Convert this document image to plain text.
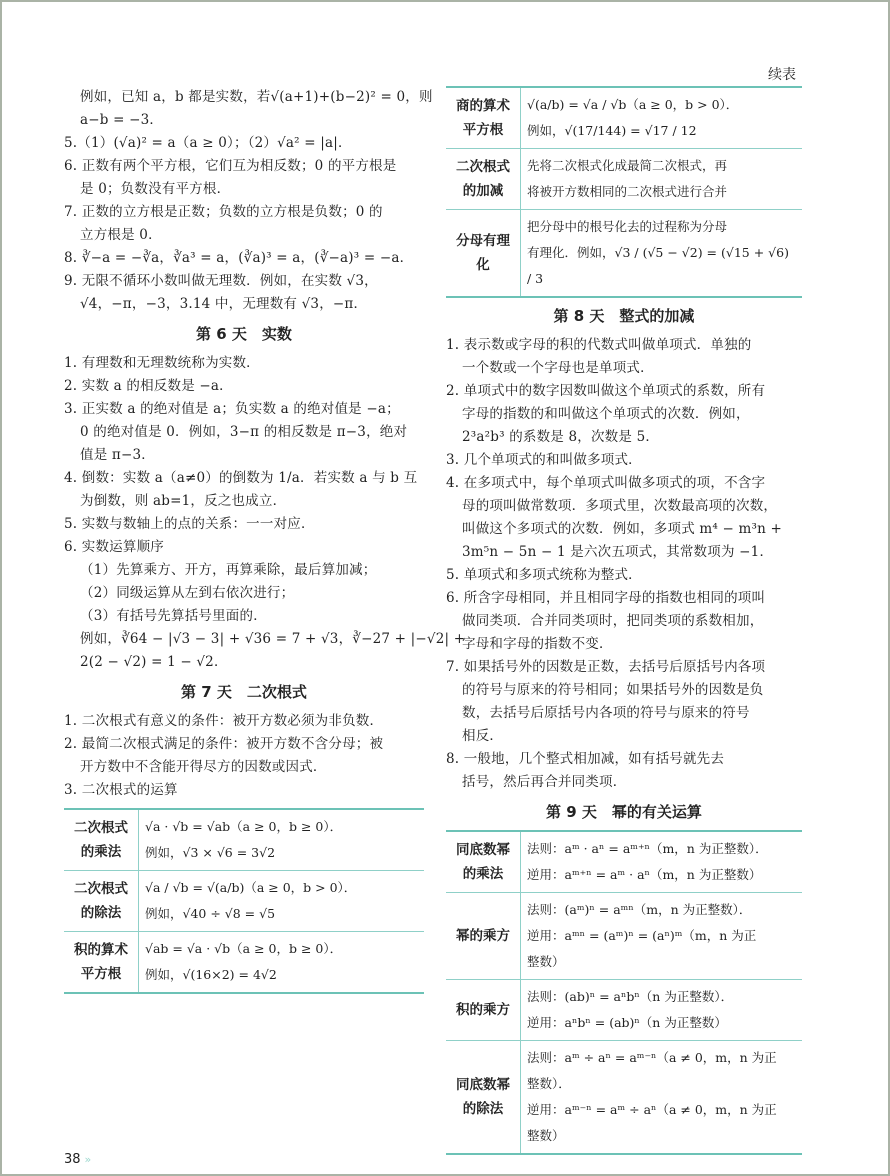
续表
例如，已知 a，b 都是实数，若√(a+1)+(b−2)² = 0，则
a−b = −3．
5.（1）(√a)² = a（a ≥ 0）；（2）√a² = |a|．
6. 正数有两个平方根，它们互为相反数；0 的平方根是
是 0；负数没有平方根．
7. 正数的立方根是正数；负数的立方根是负数；0 的
立方根是 0．
8. ∛−a = −∛a，∛a³ = a，(∛a)³ = a，(∛−a)³ = −a．
9. 无限不循环小数叫做无理数．例如，在实数 √3，
√4，−π，−3，3.14 中，无理数有 √3，−π．
第 6 天　实数
1. 有理数和无理数统称为实数．
2. 实数 a 的相反数是 −a．
3. 正实数 a 的绝对值是 a；负实数 a 的绝对值是 −a；
0 的绝对值是 0．例如，3−π 的相反数是 π−3，绝对
值是 π−3．
4. 倒数：实数 a（a≠0）的倒数为 1/a．若实数 a 与 b 互
为倒数，则 ab=1，反之也成立．
5. 实数与数轴上的点的关系：一一对应．
6. 实数运算顺序
（1）先算乘方、开方，再算乘除，最后算加减；
（2）同级运算从左到右依次进行；
（3）有括号先算括号里面的．
例如，∛64 − |√3 − 3| + √36 = 7 + √3，∛−27 + |−√2| +
2(2 − √2) = 1 − √2．
第 7 天　二次根式
1. 二次根式有意义的条件：被开方数必须为非负数．
2. 最简二次根式满足的条件：被开方数不含分母；被
开方数中不含能开得尽方的因数或因式．
3. 二次根式的运算
二次根式的乘法	√a · √b = √ab（a ≥ 0，b ≥ 0）．
例如，√3 × √6 = 3√2

二次根式的除法	√a / √b = √(a/b)（a ≥ 0，b > 0）．
例如，√40 ÷ √8 = √5

积的算术平方根	√ab = √a · √b（a ≥ 0，b ≥ 0）．
例如，√(16×2) = 4√2
商的算术平方根	√(a/b) = √a / √b（a ≥ 0，b > 0）．
例如，√(17/144) = √17 / 12

二次根式的加减	先将二次根式化成最简二次根式，再
将被开方数相同的二次根式进行合并

分母有理化	把分母中的根号化去的过程称为分母
有理化．例如，√3 / (√5 − √2) = (√15 + √6) / 3
第 8 天　整式的加减
1. 表示数或字母的积的代数式叫做单项式．单独的
一个数或一个字母也是单项式．
2. 单项式中的数字因数叫做这个单项式的系数，所有
字母的指数的和叫做这个单项式的次数．例如，
2³a²b³ 的系数是 8，次数是 5．
3. 几个单项式的和叫做多项式．
4. 在多项式中，每个单项式叫做多项式的项，不含字
母的项叫做常数项．多项式里，次数最高项的次数，
叫做这个多项式的次数．例如，多项式 m⁴ − m³n +
3m⁵n − 5n − 1 是六次五项式，其常数项为 −1．
5. 单项式和多项式统称为整式．
6. 所含字母相同，并且相同字母的指数也相同的项叫
做同类项．合并同类项时，把同类项的系数相加，
字母和字母的指数不变．
7. 如果括号外的因数是正数，去括号后原括号内各项
的符号与原来的符号相同；如果括号外的因数是负
数，去括号后原括号内各项的符号与原来的符号
相反．
8. 一般地，几个整式相加减，如有括号就先去
括号，然后再合并同类项．
第 9 天　幂的有关运算
同底数幂的乘法	法则：aᵐ · aⁿ = aᵐ⁺ⁿ（m，n 为正整数）．
逆用：aᵐ⁺ⁿ = aᵐ · aⁿ（m，n 为正整数）

幂的乘方	法则：(aᵐ)ⁿ = aᵐⁿ（m，n 为正整数）．
逆用：aᵐⁿ = (aᵐ)ⁿ = (aⁿ)ᵐ（m，n 为正
整数）

积的乘方	法则：(ab)ⁿ = aⁿbⁿ（n 为正整数）．
逆用：aⁿbⁿ = (ab)ⁿ（n 为正整数）

同底数幂的除法	法则：aᵐ ÷ aⁿ = aᵐ⁻ⁿ（a ≠ 0，m，n 为正
整数）．
逆用：aᵐ⁻ⁿ = aᵐ ÷ aⁿ（a ≠ 0，m，n 为正
整数）
38 »
